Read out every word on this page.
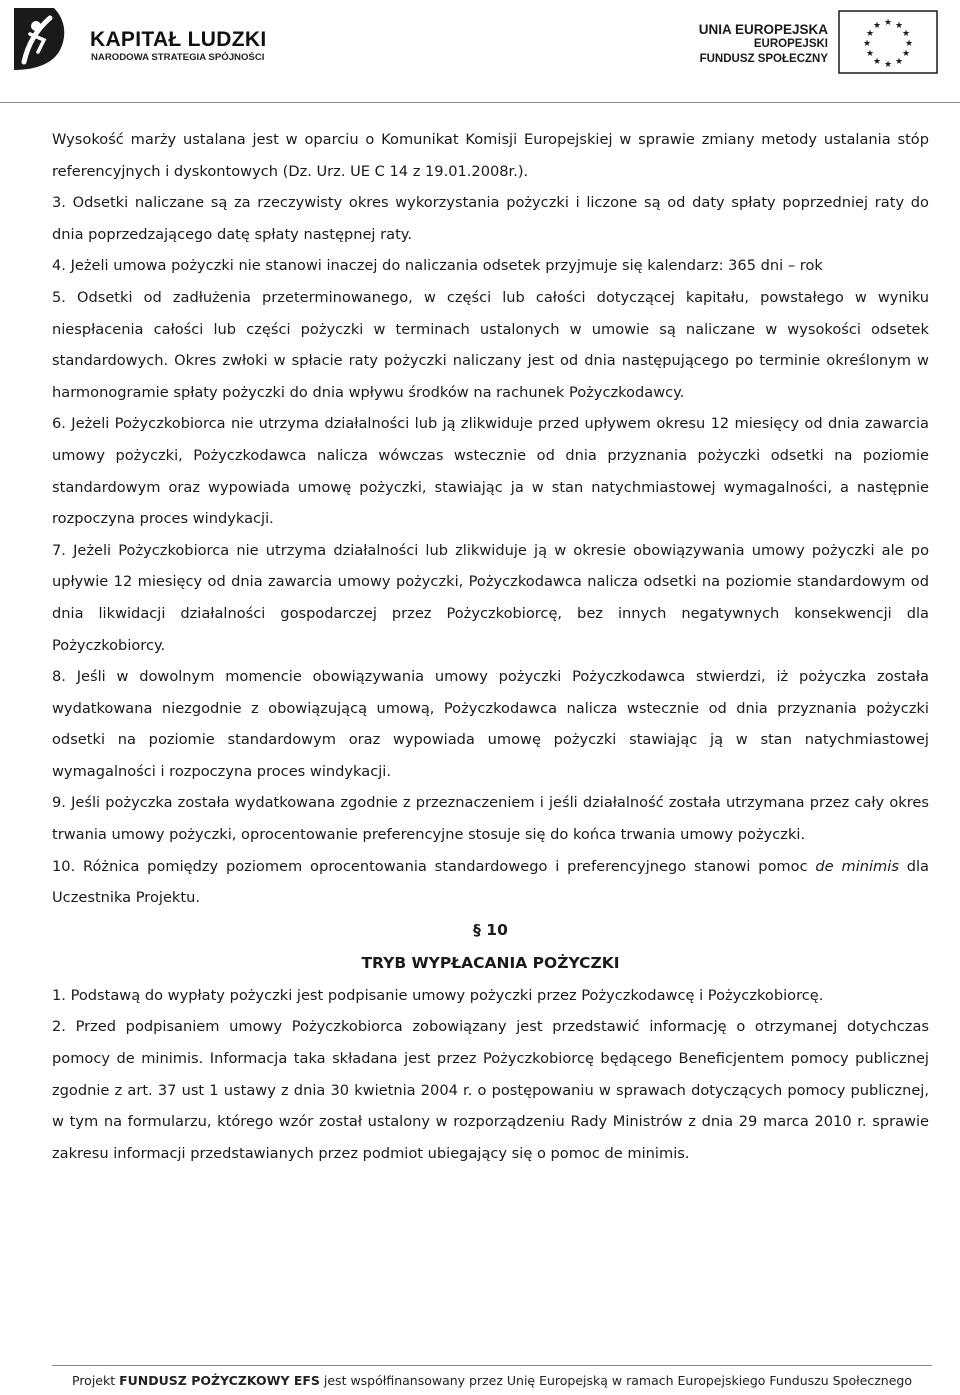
KAPITAŁ LUDZKI

NARODOWA STRATEGIA SPÓJNOŚCI

UNIA EUROPEJSKA
EUROPEJSKI
FUNDUSZ SPOŁECZNY
★ ★
★
★
★
★
★
★
★
★
★
★

Wysokość marży ustalana jest w oparciu o Komunikat Komisji Europejskiej w sprawie zmiany metody ustalania stóp referencyjnych i dyskontowych (Dz. Urz. UE C 14 z 19.01.2008r.).

3. Odsetki naliczane są za rzeczywisty okres wykorzystania pożyczki i liczone są od daty spłaty poprzedniej raty do dnia poprzedzającego datę spłaty następnej raty.

4. Jeżeli umowa pożyczki nie stanowi inaczej do naliczania odsetek przyjmuje się kalendarz: 365 dni – rok

5. Odsetki od zadłużenia przeterminowanego, w części lub całości dotyczącej kapitału, powstałego w wyniku niespłacenia całości lub części pożyczki w terminach ustalonych w umowie są naliczane w wysokości odsetek standardowych. Okres zwłoki w spłacie raty pożyczki naliczany jest od dnia następującego po terminie określonym w harmonogramie spłaty pożyczki do dnia wpływu środków na rachunek Pożyczkodawcy.

6. Jeżeli Pożyczkobiorca nie utrzyma działalności lub ją zlikwiduje przed upływem okresu 12 miesięcy od dnia zawarcia umowy pożyczki, Pożyczkodawca nalicza wówczas wstecznie od dnia przyznania pożyczki odsetki na poziomie standardowym oraz wypowiada umowę pożyczki, stawiając ja w stan natychmiastowej wymagalności, a następnie rozpoczyna proces windykacji.

7. Jeżeli Pożyczkobiorca nie utrzyma działalności lub zlikwiduje ją w okresie obowiązywania umowy pożyczki ale po upływie 12 miesięcy od dnia zawarcia umowy pożyczki, Pożyczkodawca nalicza odsetki na poziomie standardowym od dnia likwidacji działalności gospodarczej przez Pożyczkobiorcę, bez innych negatywnych konsekwencji dla Pożyczkobiorcy.

8. Jeśli w dowolnym momencie obowiązywania umowy pożyczki Pożyczkodawca stwierdzi, iż pożyczka została wydatkowana niezgodnie z obowiązującą umową, Pożyczkodawca nalicza wstecznie od dnia przyznania pożyczki odsetki na poziomie standardowym oraz wypowiada umowę pożyczki stawiając ją w stan natychmiastowej wymagalności i rozpoczyna proces windykacji.

9. Jeśli pożyczka została wydatkowana zgodnie z przeznaczeniem i jeśli działalność została utrzymana przez cały okres trwania umowy pożyczki, oprocentowanie preferencyjne stosuje się do końca trwania umowy pożyczki.

10. Różnica pomiędzy poziomem oprocentowania standardowego i preferencyjnego stanowi pomoc de minimis dla Uczestnika Projektu.

§ 10

TRYB WYPŁACANIA POŻYCZKI

1. Podstawą do wypłaty pożyczki jest podpisanie umowy pożyczki przez Pożyczkodawcę i Pożyczkobiorcę.

2. Przed podpisaniem umowy Pożyczkobiorca zobowiązany jest przedstawić informację o otrzymanej dotychczas pomocy de minimis. Informacja taka składana jest przez Pożyczkobiorcę będącego Beneficjentem pomocy publicznej zgodnie z art. 37 ust 1 ustawy z dnia 30 kwietnia 2004 r. o postępowaniu w sprawach dotyczących pomocy publicznej, w tym na formularzu, którego wzór został ustalony w rozporządzeniu Rady Ministrów z dnia 29 marca 2010 r. sprawie zakresu informacji przedstawianych przez podmiot ubiegający się o pomoc de minimis.

Projekt FUNDUSZ POŻYCZKOWY EFS jest współfinansowany przez Unię Europejską w ramach Europejskiego Funduszu Społecznego
